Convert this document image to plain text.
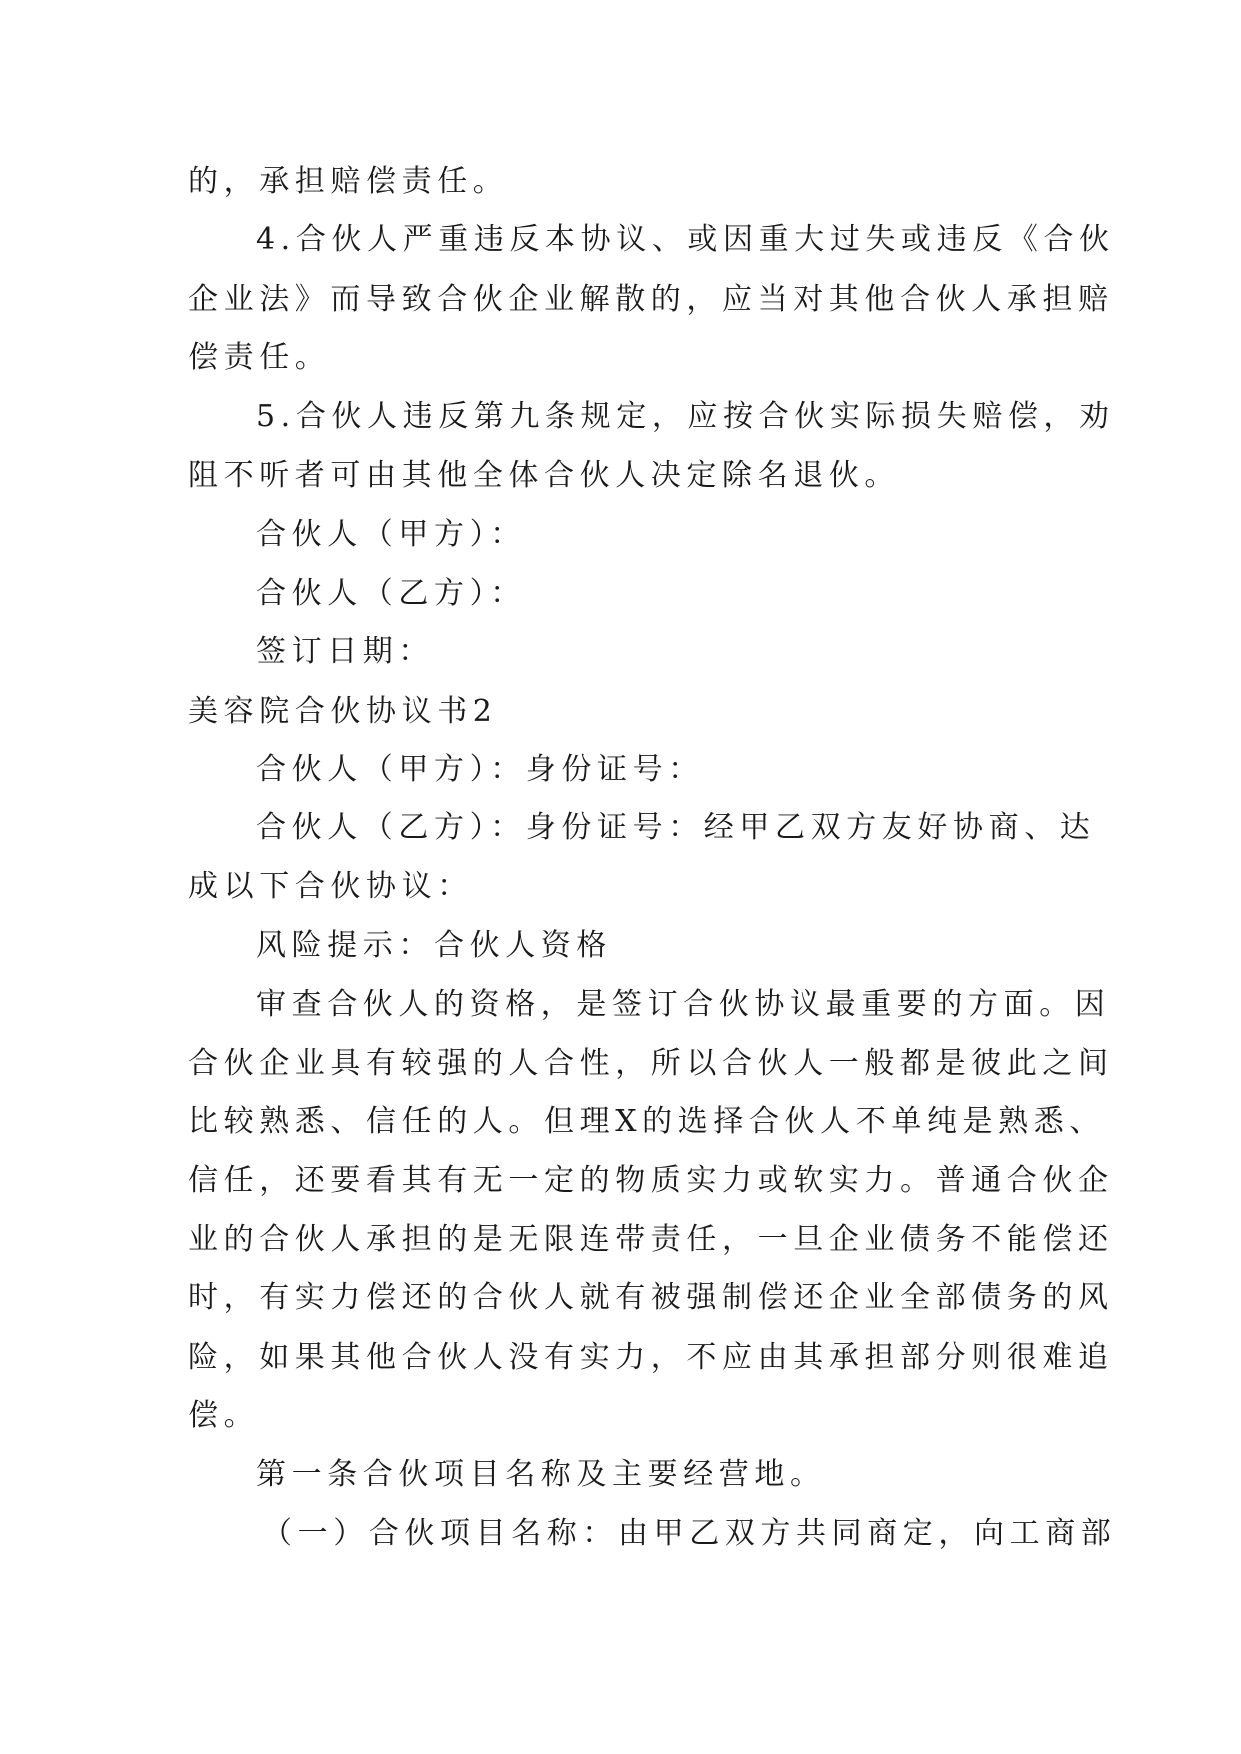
的，承担赔偿责任。
4.合伙人严重违反本协议、或因重大过失或违反《合伙
企业法》而导致合伙企业解散的，应当对其他合伙人承担赔
偿责任。
5.合伙人违反第九条规定，应按合伙实际损失赔偿，劝
阻不听者可由其他全体合伙人决定除名退伙。
合伙人（甲方）：
合伙人（乙方）：
签订日期：
美容院合伙协议书2
合伙人（甲方）：身份证号：
合伙人（乙方）：身份证号：经甲乙双方友好协商、达
成以下合伙协议：
风险提示：合伙人资格
审查合伙人的资格，是签订合伙协议最重要的方面。因
合伙企业具有较强的人合性，所以合伙人一般都是彼此之间
比较熟悉、信任的人。但理X的选择合伙人不单纯是熟悉、
信任，还要看其有无一定的物质实力或软实力。普通合伙企
业的合伙人承担的是无限连带责任，一旦企业债务不能偿还
时，有实力偿还的合伙人就有被强制偿还企业全部债务的风
险，如果其他合伙人没有实力，不应由其承担部分则很难追
偿。
第一条合伙项目名称及主要经营地。
（一）合伙项目名称：由甲乙双方共同商定，向工商部
